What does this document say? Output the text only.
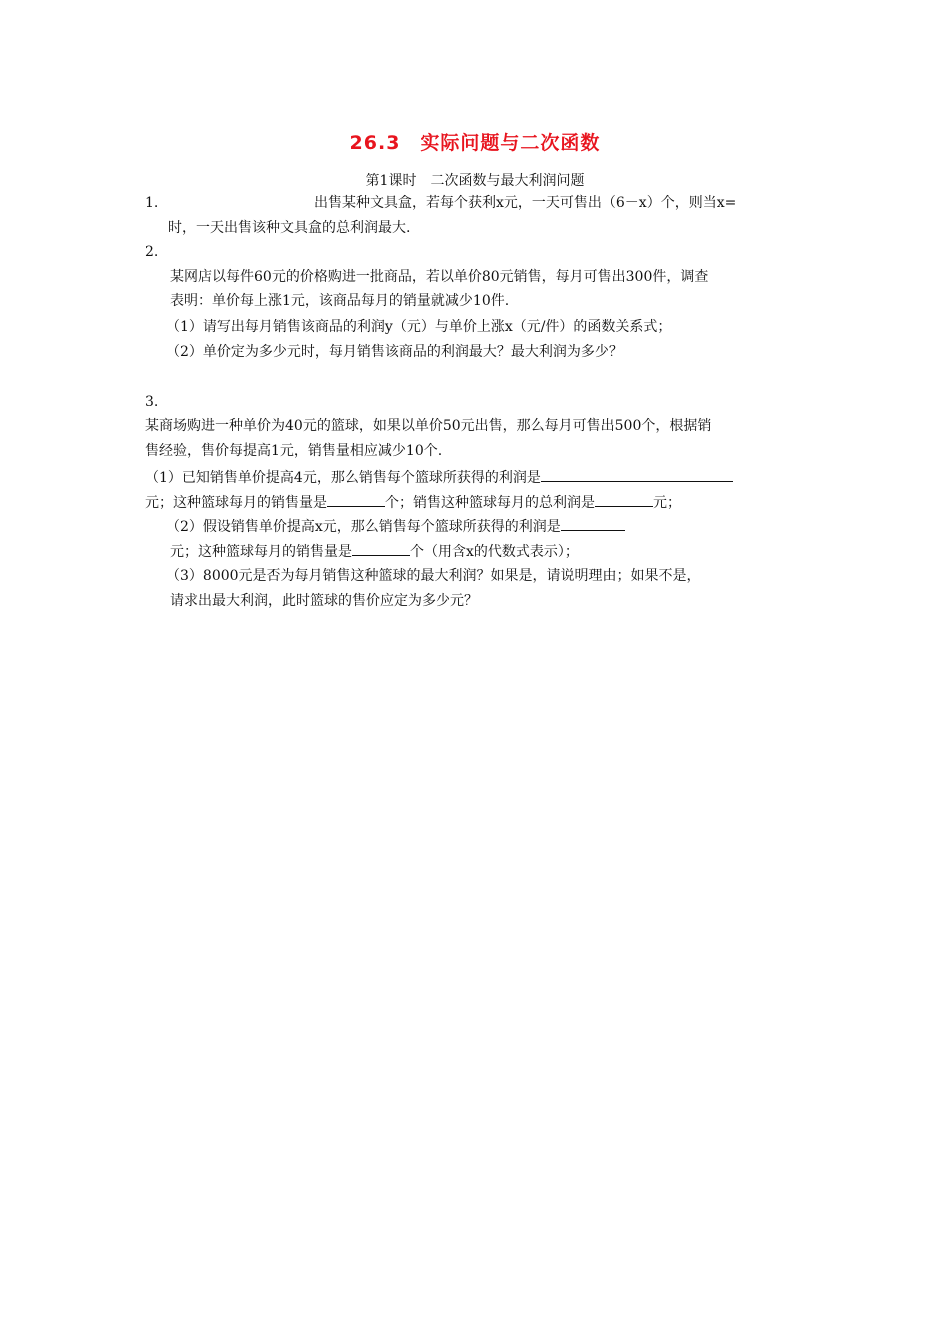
26.3　实际问题与二次函数
第1课时　二次函数与最大利润问题
1.	出售某种文具盒，若每个获利x元，一天可售出（6－x）个，则当x=
时，一天出售该种文具盒的总利润最大.
2.
某网店以每件60元的价格购进一批商品，若以单价80元销售，每月可售出300件，调查
表明：单价每上涨1元，该商品每月的销量就减少10件.
（1）请写出每月销售该商品的利润y（元）与单价上涨x（元/件）的函数关系式；
（2）单价定为多少元时，每月销售该商品的利润最大？最大利润为多少？
3.
某商场购进一种单价为40元的篮球，如果以单价50元出售，那么每月可售出500个，根据销
售经验，售价每提高1元，销售量相应减少10个.
（1）已知销售单价提高4元，那么销售每个篮球所获得的利润是
元；这种篮球每月的销售量是	个；销售这种篮球每月的总利润是	元；
（2）假设销售单价提高x元，那么销售每个篮球所获得的利润是
元；这种篮球每月的销售量是	个（用含x的代数式表示）；
（3）8000元是否为每月销售这种篮球的最大利润？如果是，请说明理由；如果不是，
请求出最大利润，此时篮球的售价应定为多少元？
